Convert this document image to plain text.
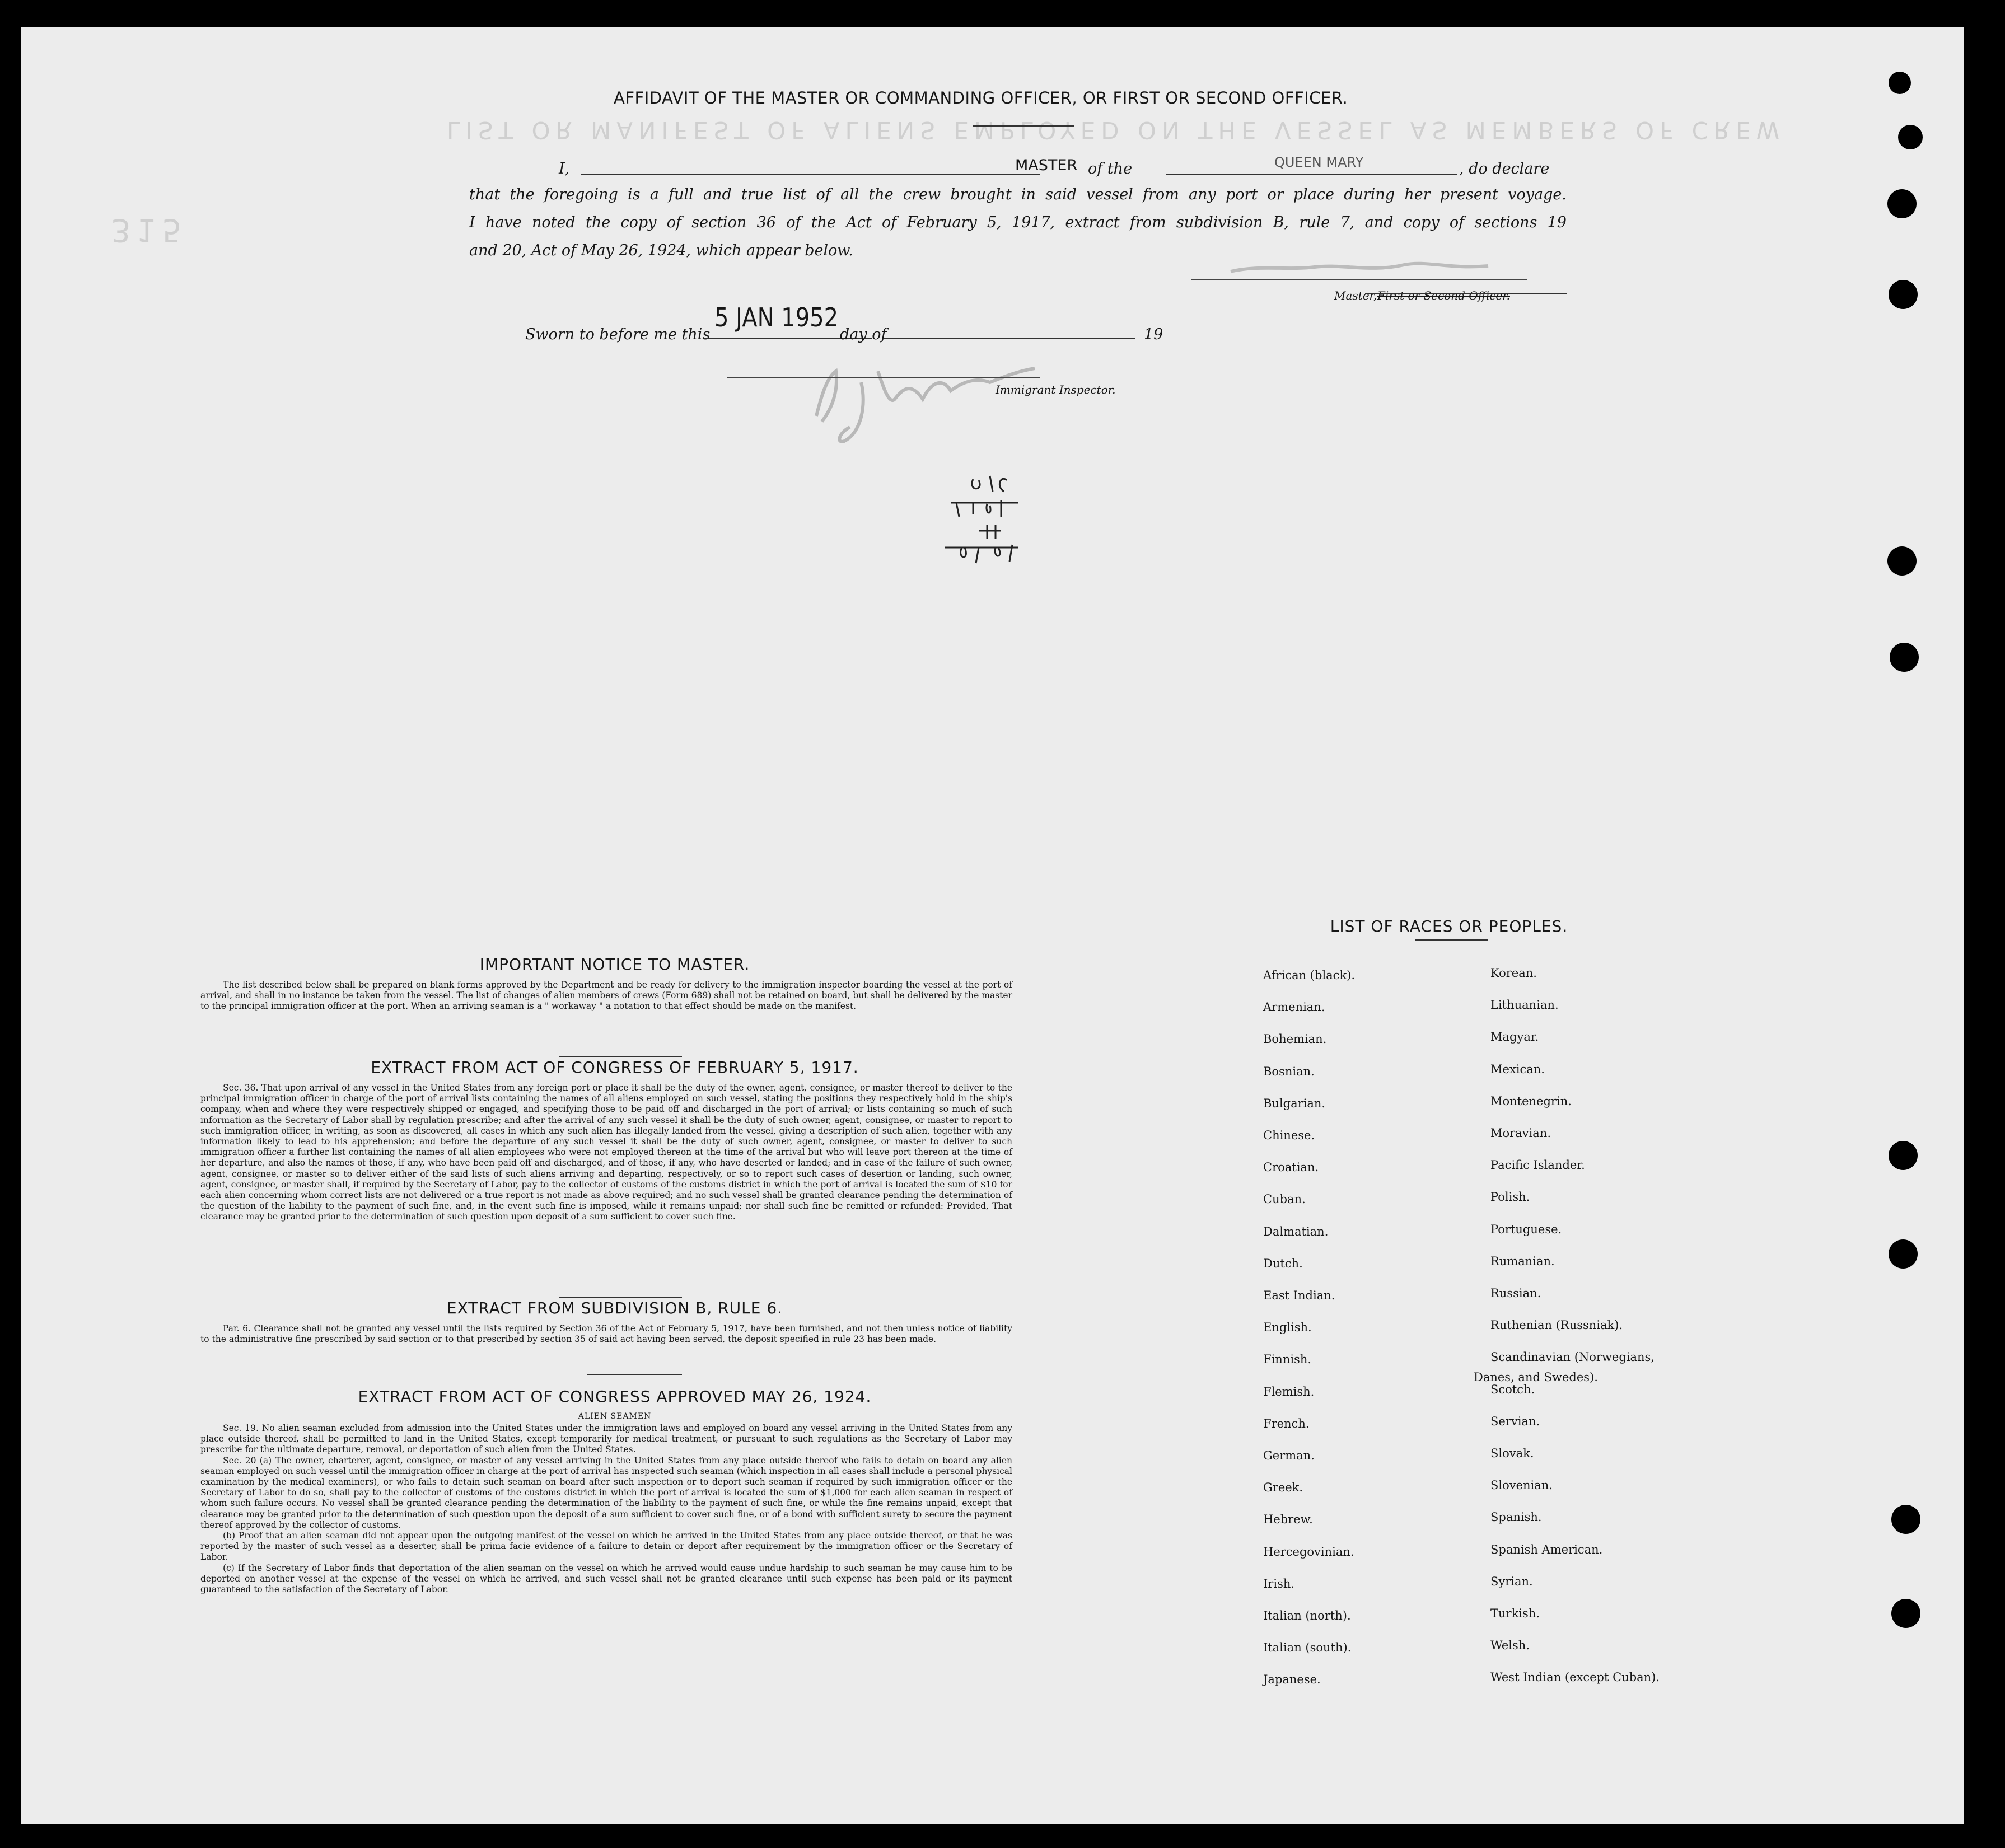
LIST OR MANIFEST OF ALIENS EMPLOYED ON THE VESSEL AS MEMBERS OF CREW
315
AFFIDAVIT OF THE MASTER OR COMMANDING OFFICER, OR FIRST OR SECOND OFFICER.
I,	MASTER of the	QUEEN MARY	, do declare
that the foregoing is a full and true list of all the crew brought in said vessel from any port or place during her present voyage.
I have noted the copy of section 36 of the Act of February 5, 1917, extract from subdivision B, rule 7, and copy of sections 19
and 20, Act of May 26, 1924, which appear below.
Master, First or Second Officer.
Sworn to before me this
5 JAN 1952
day of	19
Immigrant Inspector.
IMPORTANT NOTICE TO MASTER.
The list described below shall be prepared on blank forms approved by the Department and be ready for delivery to the immigration inspector boarding the vessel at the port of arrival, and shall in no instance be taken from the vessel. The list of changes of alien members of crews (Form 689) shall not be retained on board, but shall be delivered by the master to the principal immigration officer at the port. When an arriving seaman is a " workaway " a notation to that effect should be made on the manifest.
EXTRACT FROM ACT OF CONGRESS OF FEBRUARY 5, 1917.
Sec. 36. That upon arrival of any vessel in the United States from any foreign port or place it shall be the duty of the owner, agent, consignee, or master thereof to deliver to the principal immigration officer in charge of the port of arrival lists containing the names of all aliens employed on such vessel, stating the positions they respectively hold in the ship's company, when and where they were respectively shipped or engaged, and specifying those to be paid off and discharged in the port of arrival; or lists containing so much of such information as the Secretary of Labor shall by regulation prescribe; and after the arrival of any such vessel it shall be the duty of such owner, agent, consignee, or master to report to such immigration officer, in writing, as soon as discovered, all cases in which any such alien has illegally landed from the vessel, giving a description of such alien, together with any information likely to lead to his apprehension; and before the departure of any such vessel it shall be the duty of such owner, agent, consignee, or master to deliver to such immigration officer a further list containing the names of all alien employees who were not employed thereon at the time of the arrival but who will leave port thereon at the time of her departure, and also the names of those, if any, who have been paid off and discharged, and of those, if any, who have deserted or landed; and in case of the failure of such owner, agent, consignee, or master so to deliver either of the said lists of such aliens arriving and departing, respectively, or so to report such cases of desertion or landing, such owner, agent, consignee, or master shall, if required by the Secretary of Labor, pay to the collector of customs of the customs district in which the port of arrival is located the sum of $10 for each alien concerning whom correct lists are not delivered or a true report is not made as above required; and no such vessel shall be granted clearance pending the determination of the question of the liability to the payment of such fine, and, in the event such fine is imposed, while it remains unpaid; nor shall such fine be remitted or refunded: Provided, That clearance may be granted prior to the determination of such question upon deposit of a sum sufficient to cover such fine.
EXTRACT FROM SUBDIVISION B, RULE 6.
Par. 6. Clearance shall not be granted any vessel until the lists required by Section 36 of the Act of February 5, 1917, have been furnished, and not then unless notice of liability to the administrative fine prescribed by said section or to that prescribed by section 35 of said act having been served, the deposit specified in rule 23 has been made.
EXTRACT FROM ACT OF CONGRESS APPROVED MAY 26, 1924.
ALIEN SEAMEN

Sec. 19. No alien seaman excluded from admission into the United States under the immigration laws and employed on board any vessel arriving in the United States from any place outside thereof, shall be permitted to land in the United States, except temporarily for medical treatment, or pursuant to such regulations as the Secretary of Labor may prescribe for the ultimate departure, removal, or deportation of such alien from the United States.

Sec. 20 (a) The owner, charterer, agent, consignee, or master of any vessel arriving in the United States from any place outside thereof who fails to detain on board any alien seaman employed on such vessel until the immigration officer in charge at the port of arrival has inspected such seaman (which inspection in all cases shall include a personal physical examination by the medical examiners), or who fails to detain such seaman on board after such inspection or to deport such seaman if required by such immigration officer or the Secretary of Labor to do so, shall pay to the collector of customs of the customs district in which the port of arrival is located the sum of $1,000 for each alien seaman in respect of whom such failure occurs. No vessel shall be granted clearance pending the determination of the liability to the payment of such fine, or while the fine remains unpaid, except that clearance may be granted prior to the determination of such question upon the deposit of a sum sufficient to cover such fine, or of a bond with sufficient surety to secure the payment thereof approved by the collector of customs.

(b) Proof that an alien seaman did not appear upon the outgoing manifest of the vessel on which he arrived in the United States from any place outside thereof, or that he was reported by the master of such vessel as a deserter, shall be prima facie evidence of a failure to detain or deport after requirement by the immigration officer or the Secretary of Labor.

(c) If the Secretary of Labor finds that deportation of the alien seaman on the vessel on which he arrived would cause undue hardship to such seaman he may cause him to be deported on another vessel at the expense of the vessel on which he arrived, and such vessel shall not be granted clearance until such expense has been paid or its payment guaranteed to the satisfaction of the Secretary of Labor.

LIST OF RACES OR PEOPLES.
Danes, and Swedes).
African (black).
Armenian.
Bohemian.
Bosnian.
Bulgarian.
Chinese.
Croatian.
Cuban.
Dalmatian.
Dutch.
East Indian.
English.
Finnish.
Flemish.
French.
German.
Greek.
Hebrew.
Hercegovinian.
Irish.
Italian (north).
Italian (south).
Japanese.
Korean.
Lithuanian.
Magyar.
Mexican.
Montenegrin.
Moravian.
Pacific Islander.
Polish.
Portuguese.
Rumanian.
Russian.
Ruthenian (Russniak).
Scandinavian (Norwegians,
Scotch.
Servian.
Slovak.
Slovenian.
Spanish.
Spanish American.
Syrian.
Turkish.
Welsh.
West Indian (except Cuban).
